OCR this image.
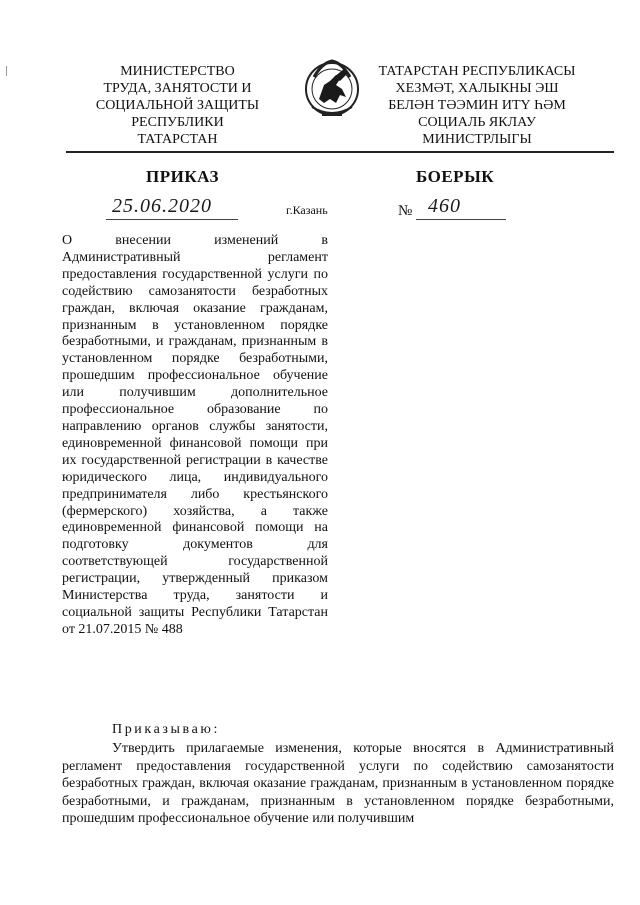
МИНИСТЕРСТВО
ТРУДА, ЗАНЯТОСТИ И
СОЦИАЛЬНОЙ ЗАЩИТЫ
РЕСПУБЛИКИ
ТАТАРСТАН
ТАТАРСТАН РЕСПУБЛИКАСЫ
ХЕЗМӘТ, ХАЛЫКНЫ ЭШ
БЕЛӘН ТӘЭМИН ИТҮ ҺӘМ
СОЦИАЛЬ ЯКЛАУ
МИНИСТРЛЫГЫ
ПРИКАЗ	БОЕРЫК
25.06.2020	г.Казань	№ 460
О внесении изменений в Административный регламент предоставления государственной услуги по содействию самозанятости безработных граждан, включая оказание гражданам, признанным в установленном порядке безработными, и гражданам, признанным в установленном порядке безработными, прошедшим профессиональное обучение или получившим дополнительное профессиональное образование по направлению органов службы занятости, единовременной финансовой помощи при их государственной регистрации в качестве юридического лица, индивидуального предпринимателя либо крестьянского (фермерского) хозяйства, а также единовременной финансовой помощи на подготовку документов для соответствующей государственной регистрации, утвержденный приказом Министерства труда, занятости и социальной защиты Республики Татарстан от 21.07.2015 № 488
Приказываю:
Утвердить прилагаемые изменения, которые вносятся в Административный регламент предоставления государственной услуги по содействию самозанятости безработных граждан, включая оказание гражданам, признанным в установленном порядке безработными, и гражданам, признанным в установленном порядке безработными, прошедшим профессиональное обучение или получившим
